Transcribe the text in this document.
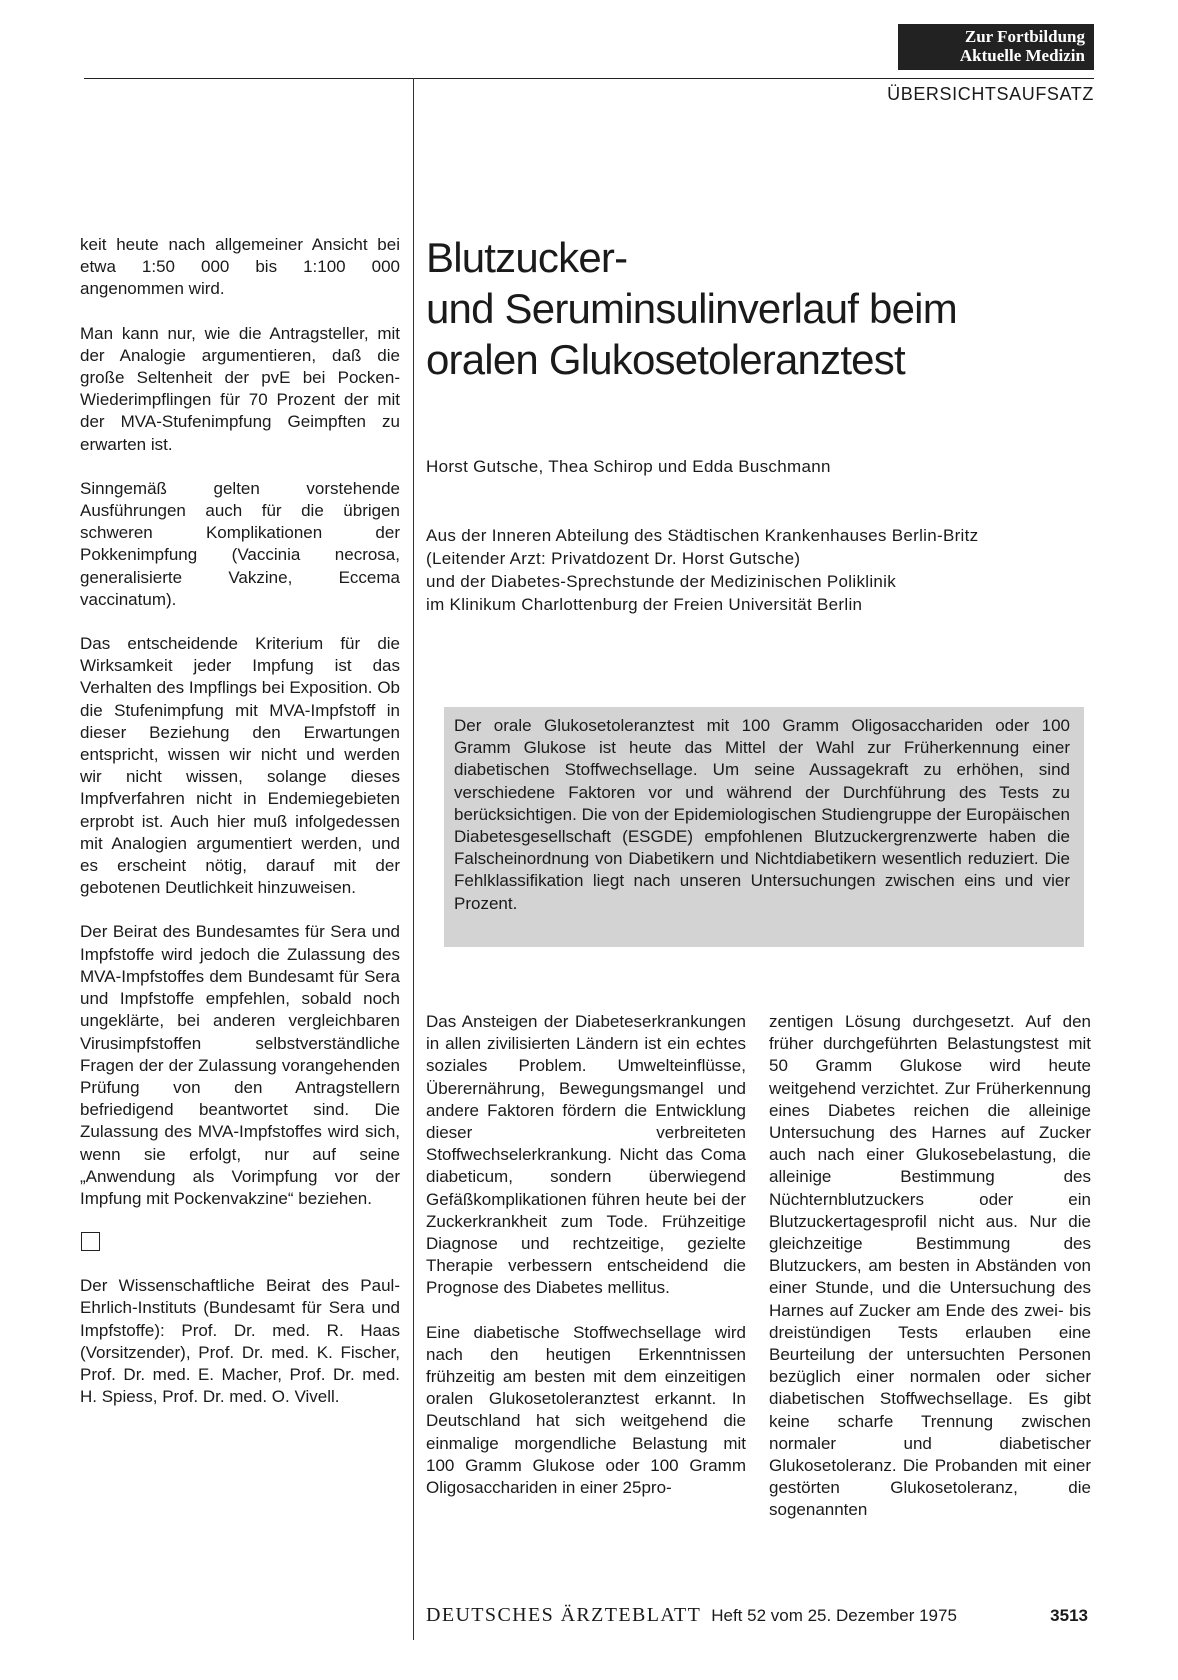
Zur Fortbildung
Aktuelle Medizin
ÜBERSICHTSAUFSATZ

keit heute nach allgemeiner Ansicht bei etwa 1:50 000 bis 1:100 000 angenommen wird.

Man kann nur, wie die Antragsteller, mit der Analogie argumentieren, daß die große Seltenheit der pvE bei Pocken-Wiederimpflingen für 70 Prozent der mit der MVA-Stufenimpfung Geimpften zu erwarten ist.

Sinngemäß gelten vorstehende Ausführungen auch für die übrigen schweren Komplikationen der Pokkenimpfung (Vaccinia necrosa, generalisierte Vakzine, Eccema vaccinatum).

Das entscheidende Kriterium für die Wirksamkeit jeder Impfung ist das Verhalten des Impflings bei Exposition. Ob die Stufenimpfung mit MVA-Impfstoff in dieser Beziehung den Erwartungen entspricht, wissen wir nicht und werden wir nicht wissen, solange dieses Impfverfahren nicht in Endemiegebieten erprobt ist. Auch hier muß infolgedessen mit Analogien argumentiert werden, und es erscheint nötig, darauf mit der gebotenen Deutlichkeit hinzuweisen.

Der Beirat des Bundesamtes für Sera und Impfstoffe wird jedoch die Zulassung des MVA-Impfstoffes dem Bundesamt für Sera und Impfstoffe empfehlen, sobald noch ungeklärte, bei anderen vergleichbaren Virusimpfstoffen selbstverständliche Fragen der der Zulassung vorangehenden Prüfung von den Antragstellern befriedigend beantwortet sind. Die Zulassung des MVA-Impfstoffes wird sich, wenn sie erfolgt, nur auf seine „Anwendung als Vorimpfung vor der Impfung mit Pockenvakzine“ beziehen.

Der Wissenschaftliche Beirat des Paul-Ehrlich-Instituts (Bundesamt für Sera und Impfstoffe): Prof. Dr. med. R. Haas (Vorsitzender), Prof. Dr. med. K. Fischer, Prof. Dr. med. E. Macher, Prof. Dr. med. H. Spiess, Prof. Dr. med. O. Vivell.

Blutzucker-
und Seruminsulinverlauf beim
oralen Glukosetoleranztest
Horst Gutsche, Thea Schirop und Edda Buschmann
Aus der Inneren Abteilung des Städtischen Krankenhauses Berlin-Britz
(Leitender Arzt: Privatdozent Dr. Horst Gutsche)
und der Diabetes-Sprechstunde der Medizinischen Poliklinik
im Klinikum Charlottenburg der Freien Universität Berlin

Der orale Glukosetoleranztest mit 100 Gramm Oligosacchariden oder 100 Gramm Glukose ist heute das Mittel der Wahl zur Früherkennung einer diabetischen Stoffwechsellage. Um seine Aussagekraft zu erhöhen, sind verschiedene Faktoren vor und während der Durchführung des Tests zu berücksichtigen. Die von der Epidemiologischen Studiengruppe der Europäischen Diabetesgesellschaft (ESGDE) empfohlenen Blutzuckergrenzwerte haben die Falscheinordnung von Diabetikern und Nichtdiabetikern wesentlich reduziert. Die Fehlklassifikation liegt nach unseren Untersuchungen zwischen eins und vier Prozent.

Das Ansteigen der Diabeteserkrankungen in allen zivilisierten Ländern ist ein echtes soziales Problem. Umwelteinflüsse, Überernährung, Bewegungsmangel und andere Faktoren fördern die Entwicklung dieser verbreiteten Stoffwechselerkrankung. Nicht das Coma diabeticum, sondern überwiegend Gefäßkomplikationen führen heute bei der Zuckerkrankheit zum Tode. Frühzeitige Diagnose und rechtzeitige, gezielte Therapie verbessern entscheidend die Prognose des Diabetes mellitus.

Eine diabetische Stoffwechsellage wird nach den heutigen Erkenntnissen frühzeitig am besten mit dem einzeitigen oralen Glukosetoleranztest erkannt. In Deutschland hat sich weitgehend die einmalige morgendliche Belastung mit 100 Gramm Glukose oder 100 Gramm Oligosacchariden in einer 25pro-

zentigen Lösung durchgesetzt. Auf den früher durchgeführten Belastungstest mit 50 Gramm Glukose wird heute weitgehend verzichtet. Zur Früherkennung eines Diabetes reichen die alleinige Untersuchung des Harnes auf Zucker auch nach einer Glukosebelastung, die alleinige Bestimmung des Nüchternblutzuckers oder ein Blutzuckertagesprofil nicht aus. Nur die gleichzeitige Bestimmung des Blutzuckers, am besten in Abständen von einer Stunde, und die Untersuchung des Harnes auf Zucker am Ende des zwei- bis dreistündigen Tests erlauben eine Beurteilung der untersuchten Personen bezüglich einer normalen oder sicher diabetischen Stoffwechsellage. Es gibt keine scharfe Trennung zwischen normaler und diabetischer Glukosetoleranz. Die Probanden mit einer gestörten Glukosetoleranz, die sogenannten

DEUTSCHES ÄRZTEBLATT Heft 52 vom 25. Dezember 1975	3513
